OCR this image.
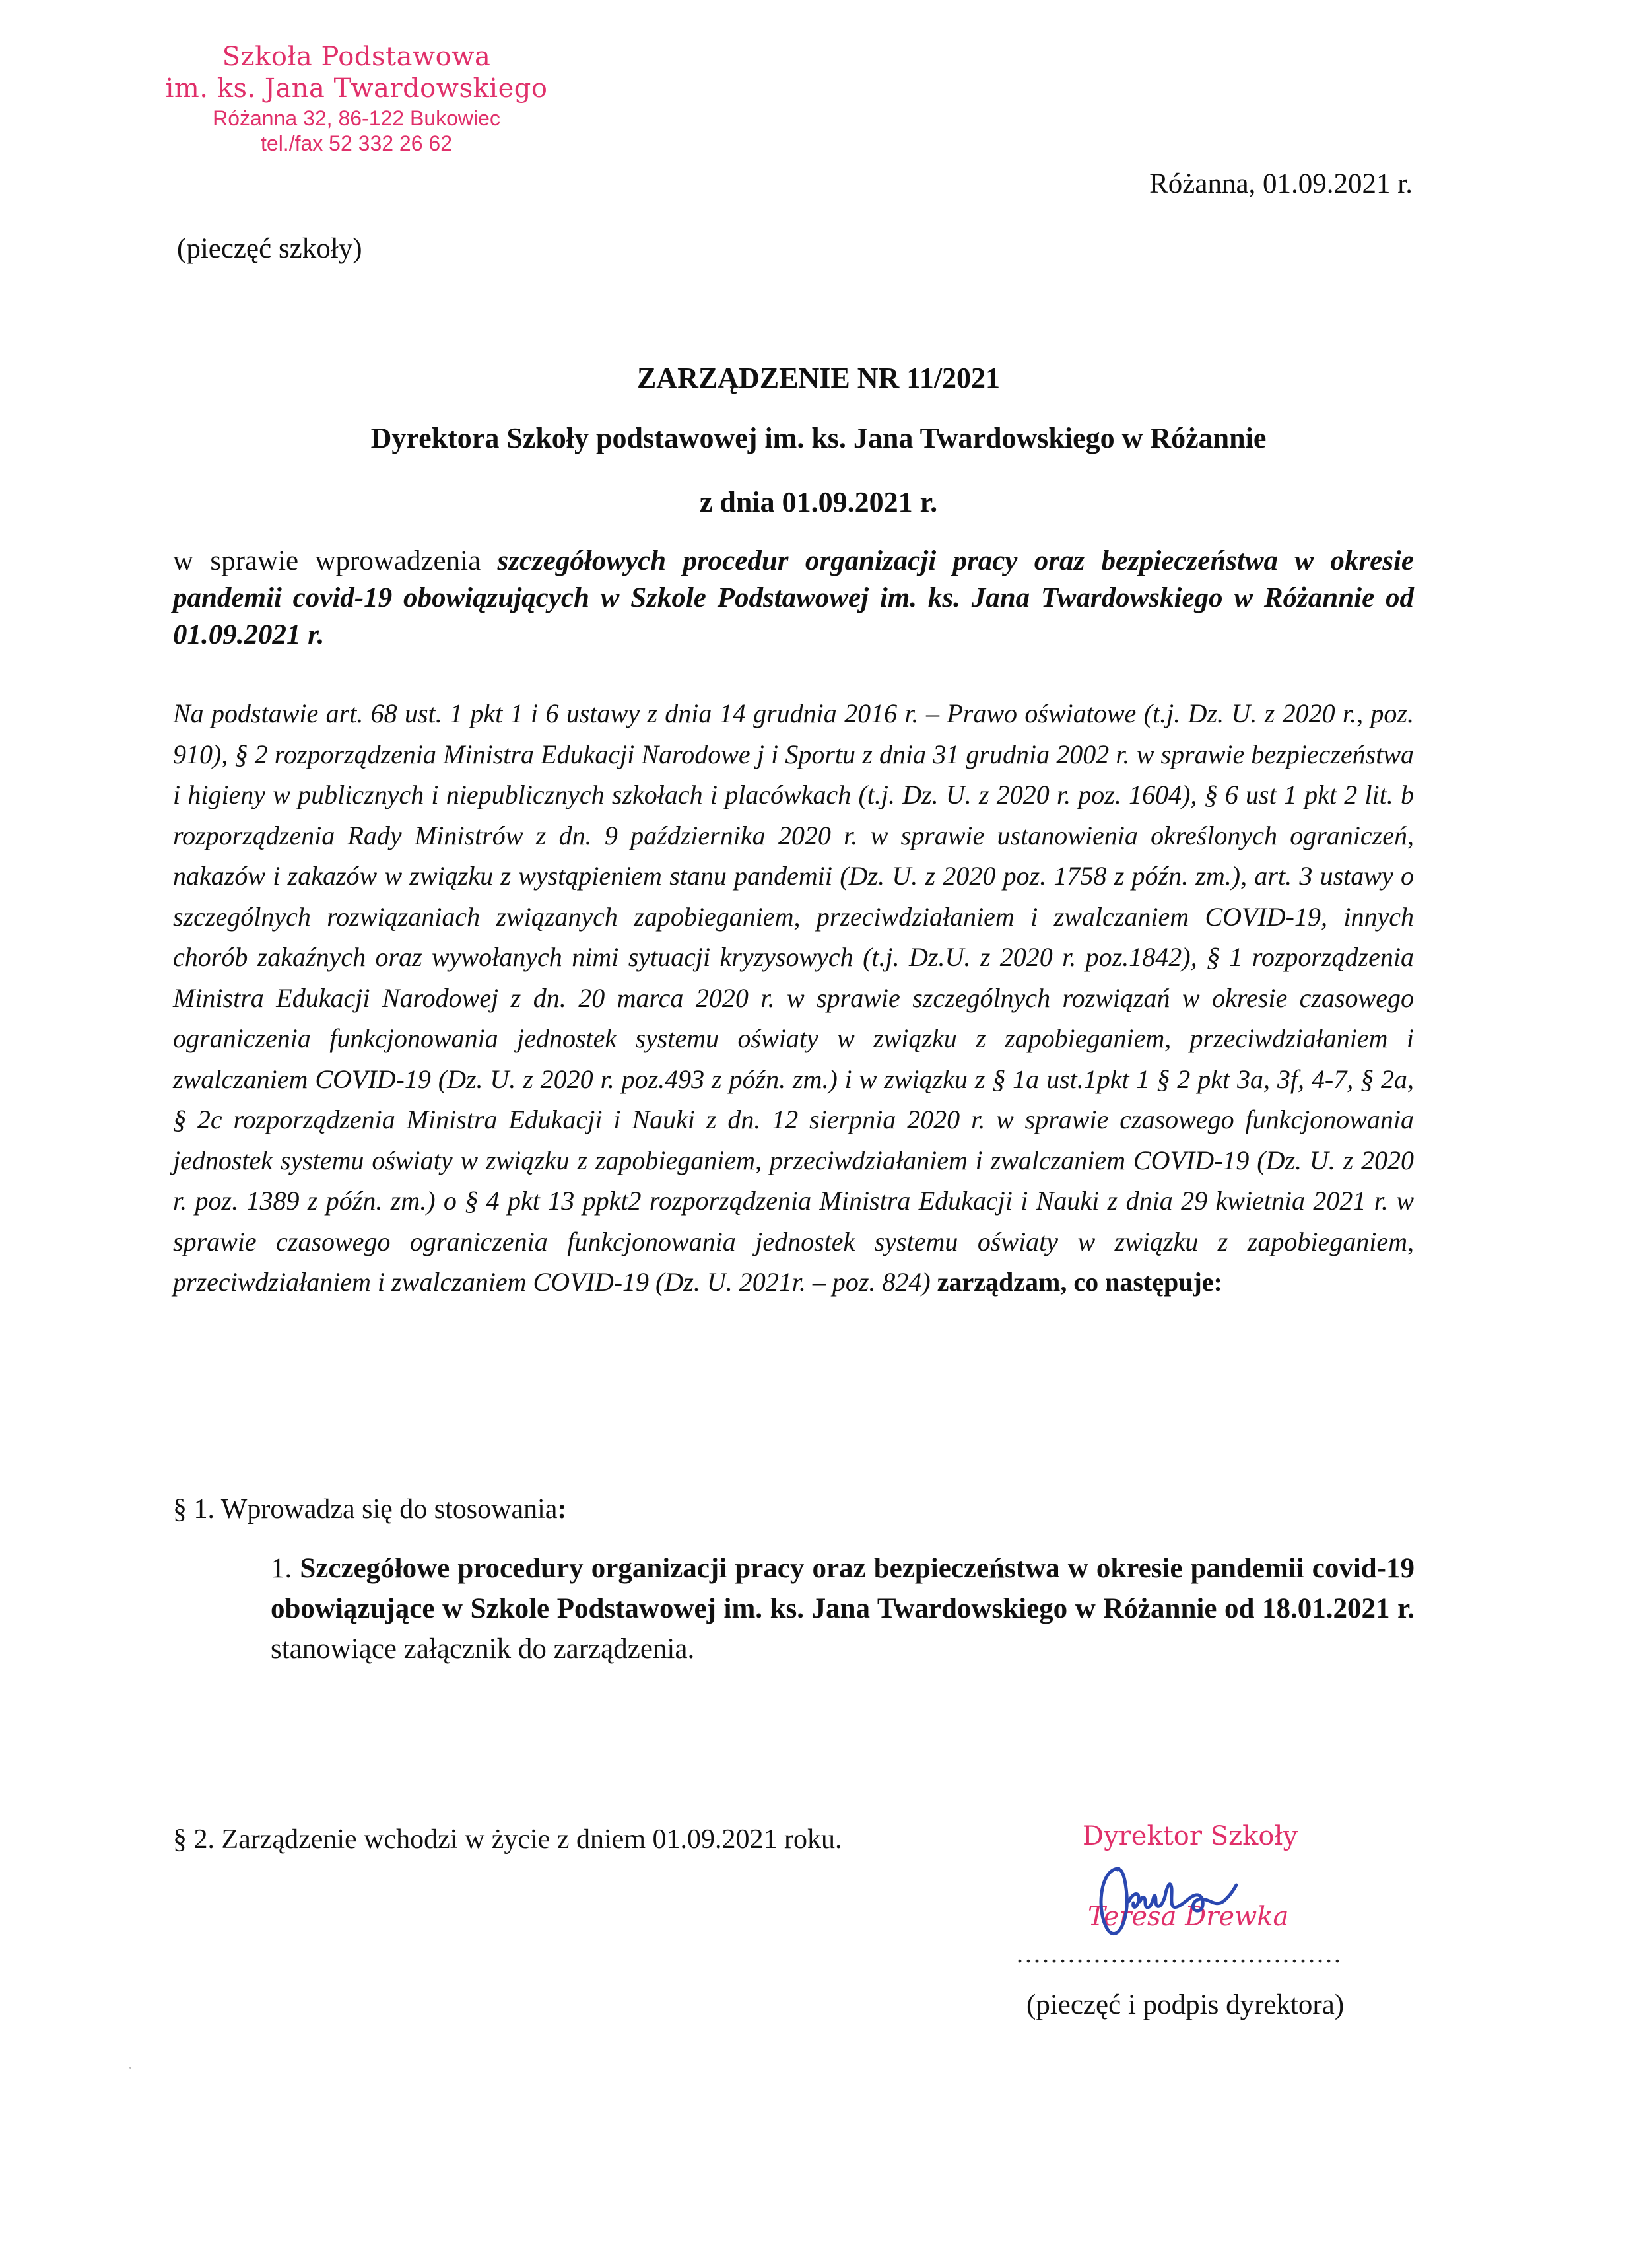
Szkoła Podstawowa
im. ks. Jana Twardowskiego
Różanna 32, 86-122 Bukowiec
tel./fax 52 332 26 62
Różanna, 01.09.2021 r.
(pieczęć szkoły)
ZARZĄDZENIE NR 11/2021
Dyrektora Szkoły podstawowej im. ks. Jana Twardowskiego w Różannie
z dnia 01.09.2021 r.
w sprawie wprowadzenia szczegółowych procedur organizacji pracy oraz bezpieczeństwa w okresie pandemii covid-19 obowiązujących w Szkole Podstawowej im. ks. Jana Twardowskiego w Różannie od 01.09.2021 r.
Na podstawie art. 68 ust. 1 pkt 1 i 6 ustawy z dnia 14 grudnia 2016 r. – Prawo oświatowe (t.j. Dz. U. z 2020 r., poz. 910), § 2 rozporządzenia Ministra Edukacji Narodowe j i Sportu z dnia 31 grudnia 2002 r. w sprawie bezpieczeństwa i higieny w publicznych i niepublicznych szkołach i placówkach (t.j. Dz. U. z 2020 r. poz. 1604), § 6 ust 1 pkt 2 lit. b rozporządzenia Rady Ministrów z dn. 9 października 2020 r. w sprawie ustanowienia określonych ograniczeń, nakazów i zakazów w związku z wystąpieniem stanu pandemii (Dz. U. z 2020 poz. 1758 z późn. zm.), art. 3 ustawy o szczególnych rozwiązaniach związanych zapobieganiem, przeciwdziałaniem i zwalczaniem COVID-19, innych chorób zakaźnych oraz wywołanych nimi sytuacji kryzysowych (t.j. Dz.U. z 2020 r. poz.1842), § 1 rozporządzenia Ministra Edukacji Narodowej z dn. 20 marca 2020 r. w sprawie szczególnych rozwiązań w okresie czasowego ograniczenia funkcjonowania jednostek systemu oświaty w związku z zapobieganiem, przeciwdziałaniem i zwalczaniem COVID-19 (Dz. U. z 2020 r. poz.493 z późn. zm.) i w związku z § 1a ust.1pkt 1 § 2 pkt 3a, 3f, 4-7, § 2a, § 2c rozporządzenia Ministra Edukacji i Nauki z dn. 12 sierpnia 2020 r. w sprawie czasowego funkcjonowania jednostek systemu oświaty w związku z zapobieganiem, przeciwdziałaniem i zwalczaniem COVID-19 (Dz. U. z 2020 r. poz. 1389 z późn. zm.) o § 4 pkt 13 ppkt2 rozporządzenia Ministra Edukacji i Nauki z dnia 29 kwietnia 2021 r. w sprawie czasowego ograniczenia funkcjonowania jednostek systemu oświaty w związku z zapobieganiem, przeciwdziałaniem i zwalczaniem COVID-19 (Dz. U. 2021r. – poz. 824) zarządzam, co następuje:
§ 1. Wprowadza się do stosowania:
1. Szczegółowe procedury organizacji pracy oraz bezpieczeństwa w okresie pandemii covid-19 obowiązujące w Szkole Podstawowej im. ks. Jana Twardowskiego w Różannie od 18.01.2021 r. stanowiące załącznik do zarządzenia.
§ 2. Zarządzenie wchodzi w życie z dniem 01.09.2021 roku.	Dyrektor Szkoły
Teresa Drewka
......................................
(pieczęć i podpis dyrektora)
